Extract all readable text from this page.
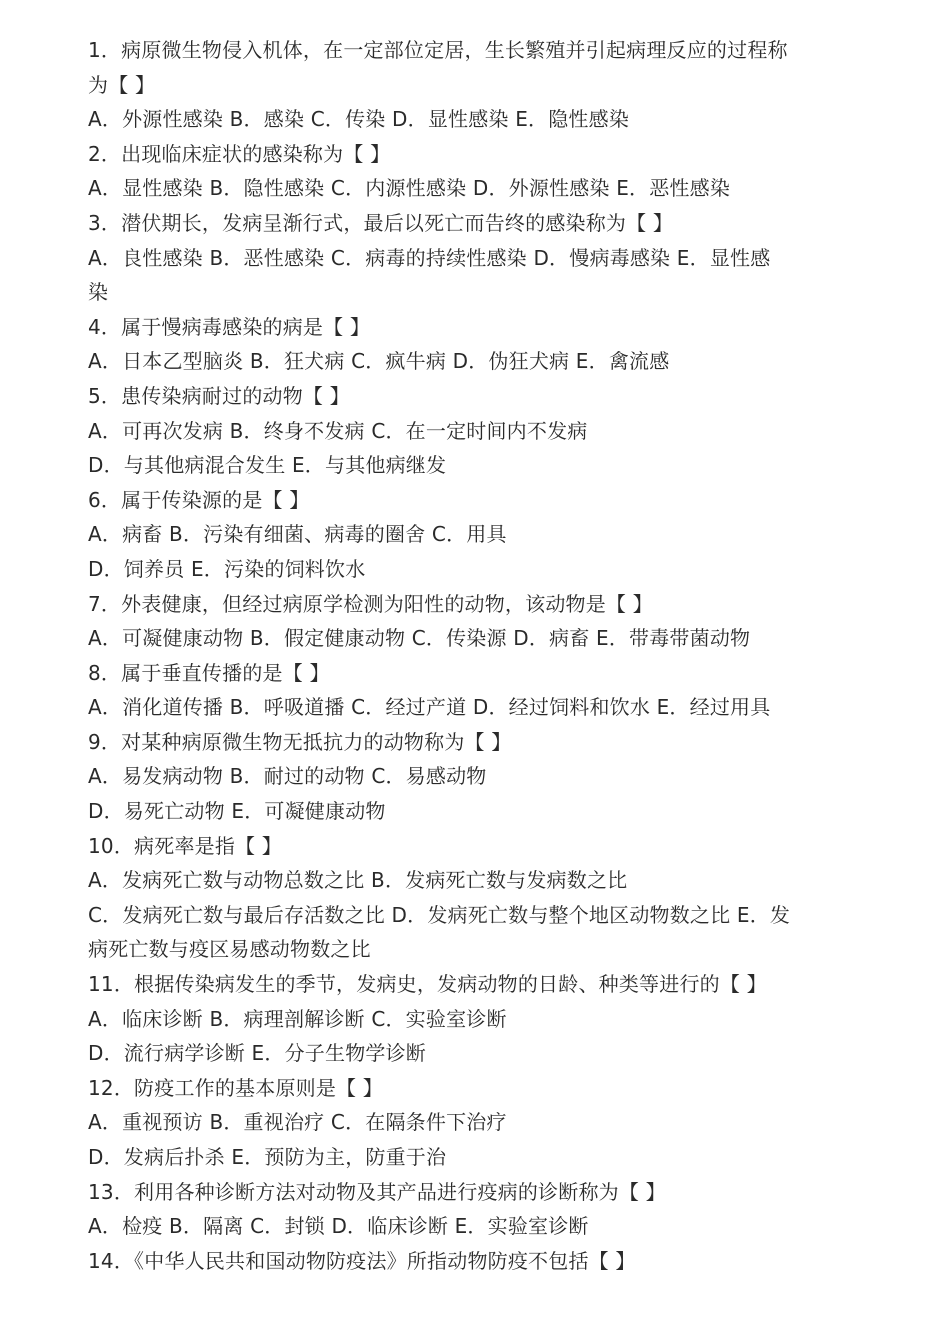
1．病原微生物侵入机体，在一定部位定居，生长繁殖并引起病理反应的过程称
为【 】
A．外源性感染 B．感染 C．传染 D．显性感染 E．隐性感染
2．出现临床症状的感染称为【 】
A．显性感染 B．隐性感染 C．内源性感染 D．外源性感染 E．恶性感染
3．潜伏期长，发病呈渐行式，最后以死亡而告终的感染称为【 】
A．良性感染 B．恶性感染 C．病毒的持续性感染 D．慢病毒感染 E．显性感
染
4．属于慢病毒感染的病是【 】
A．日本乙型脑炎 B．狂犬病 C．疯牛病 D．伪狂犬病 E．禽流感
5．患传染病耐过的动物【 】
A．可再次发病 B．终身不发病 C．在一定时间内不发病
D．与其他病混合发生 E．与其他病继发
6．属于传染源的是【 】
A．病畜 B．污染有细菌、病毒的圈舍 C．用具
D．饲养员 E．污染的饲料饮水
7．外表健康，但经过病原学检测为阳性的动物，该动物是【 】
A．可凝健康动物 B．假定健康动物 C．传染源 D．病畜 E．带毒带菌动物
8．属于垂直传播的是【 】
A．消化道传播 B．呼吸道播 C．经过产道 D．经过饲料和饮水 E．经过用具
9．对某种病原微生物无抵抗力的动物称为【 】
A．易发病动物 B．耐过的动物 C．易感动物
D．易死亡动物 E．可凝健康动物
10．病死率是指【 】
A．发病死亡数与动物总数之比 B．发病死亡数与发病数之比
C．发病死亡数与最后存活数之比 D．发病死亡数与整个地区动物数之比 E．发
病死亡数与疫区易感动物数之比
11．根据传染病发生的季节，发病史，发病动物的日龄、种类等进行的【 】
A．临床诊断 B．病理剖解诊断 C．实验室诊断
D．流行病学诊断 E．分子生物学诊断
12．防疫工作的基本原则是【 】
A．重视预访 B．重视治疗 C．在隔条件下治疗
D．发病后扑杀 E．预防为主，防重于治
13．利用各种诊断方法对动物及其产品进行疫病的诊断称为【 】
A．检疫 B．隔离 C．封锁 D．临床诊断 E．实验室诊断
14．《中华人民共和国动物防疫法》所指动物防疫不包括【 】
